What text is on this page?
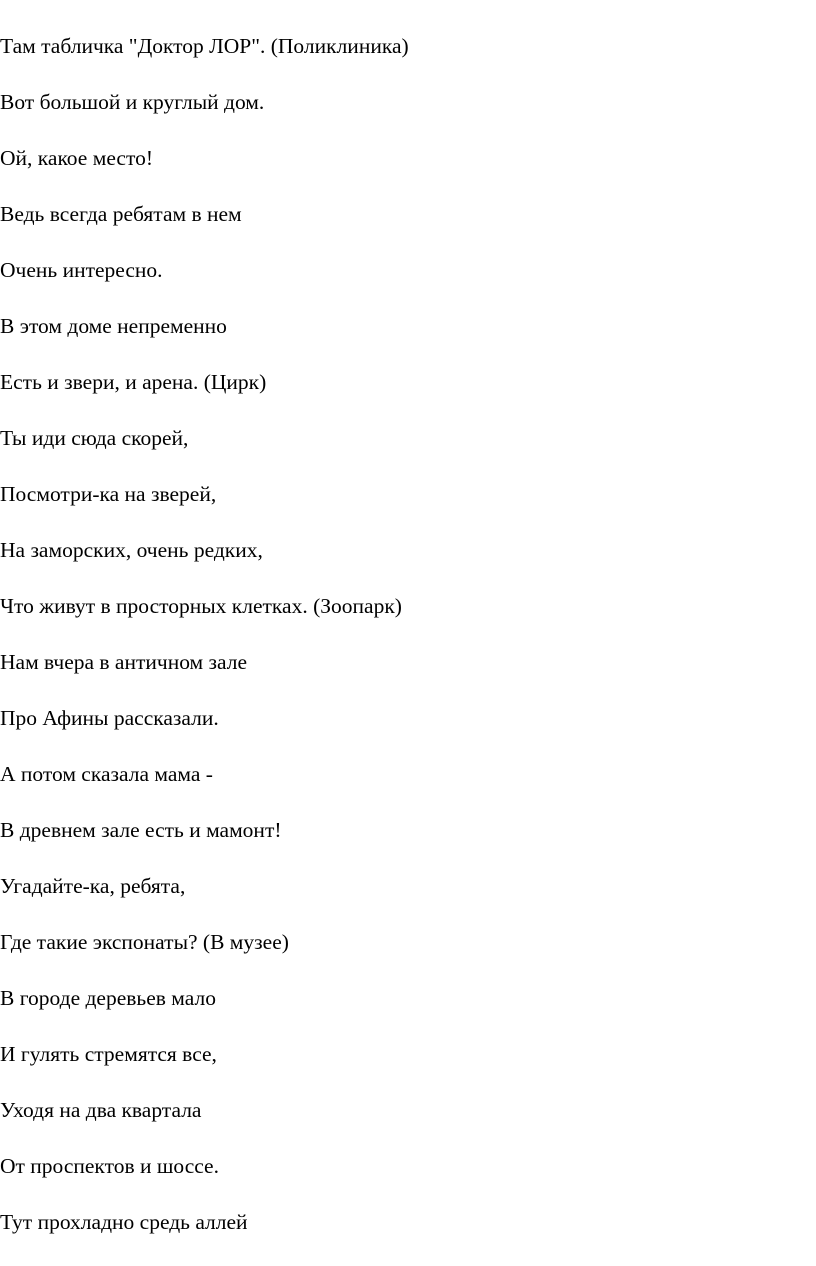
Там табличка "Доктор ЛОР". (Поликлиника)
Вот большой и круглый дом.
Ой, какое место!
Ведь всегда ребятам в нем
Очень интересно.
В этом доме непременно
Есть и звери, и арена. (Цирк)
Ты иди сюда скорей,
Посмотри-ка на зверей,
На заморских, очень редких,
Что живут в просторных клетках. (Зоопарк)
Нам вчера в античном зале
Про Афины рассказали.
А потом сказала мама -
В древнем зале есть и мамонт!
Угадайте-ка, ребята,
Где такие экспонаты? (В музее)
В городе деревьев мало
И гулять стремятся все,
Уходя на два квартала
От проспектов и шоссе.
Тут прохладно средь аллей
